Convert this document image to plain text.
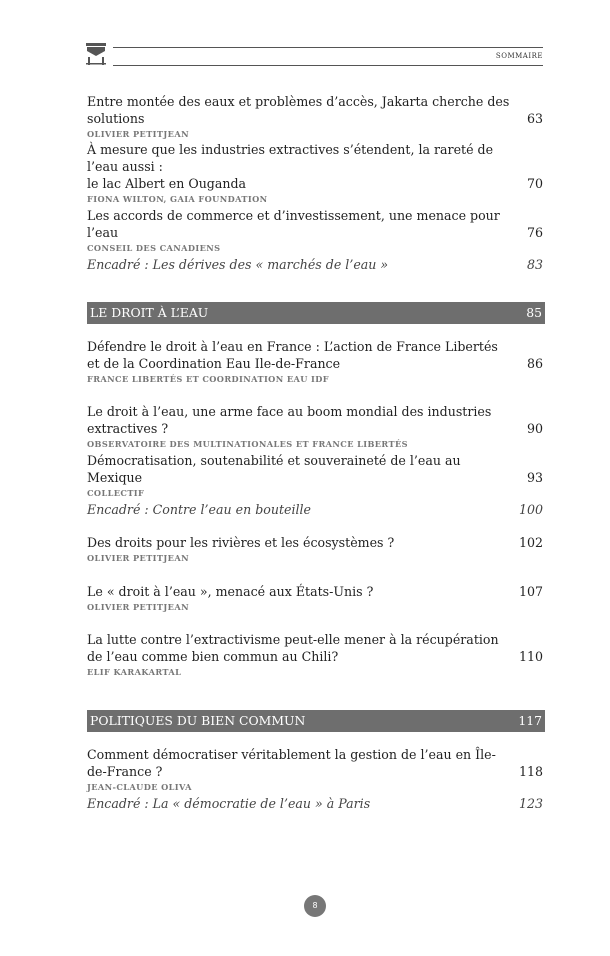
SOMMAIRE
Entre montée des eaux et problèmes d’accès, Jakarta cherche des solutions	63
OLIVIER PETITJEAN
À mesure que les industries extractives s’étendent, la rareté de l’eau aussi :
le lac Albert en Ouganda	70
FIONA WILTON, GAIA FOUNDATION
Les accords de commerce et d’investissement, une menace pour l’eau	76
CONSEIL DES CANADIENS
Encadré : Les dérives des « marchés de l’eau »	83
LE DROIT À L’EAU	85
Défendre le droit à l’eau en France : L’action de France Libertés
et de la Coordination Eau Ile-de-France	86
FRANCE LIBERTÉS ET COORDINATION EAU IDF
Le droit à l’eau, une arme face au boom mondial des industries extractives ?	90
OBSERVATOIRE DES MULTINATIONALES ET FRANCE LIBERTÉS
Démocratisation, soutenabilité et souveraineté de l’eau au Mexique	93
COLLECTIF
Encadré : Contre l’eau en bouteille	100
Des droits pour les rivières et les écosystèmes ?	102
OLIVIER PETITJEAN
Le « droit à l’eau », menacé aux États-Unis ?	107
OLIVIER PETITJEAN
La lutte contre l’extractivisme peut-elle mener à la récupération
de l’eau comme bien commun au Chili?	110
ELIF KARAKARTAL
POLITIQUES DU BIEN COMMUN	117
Comment démocratiser véritablement la gestion de l’eau en Île-de-France ?	118
JEAN-CLAUDE OLIVA
Encadré : La « démocratie de l’eau » à Paris	123
8
